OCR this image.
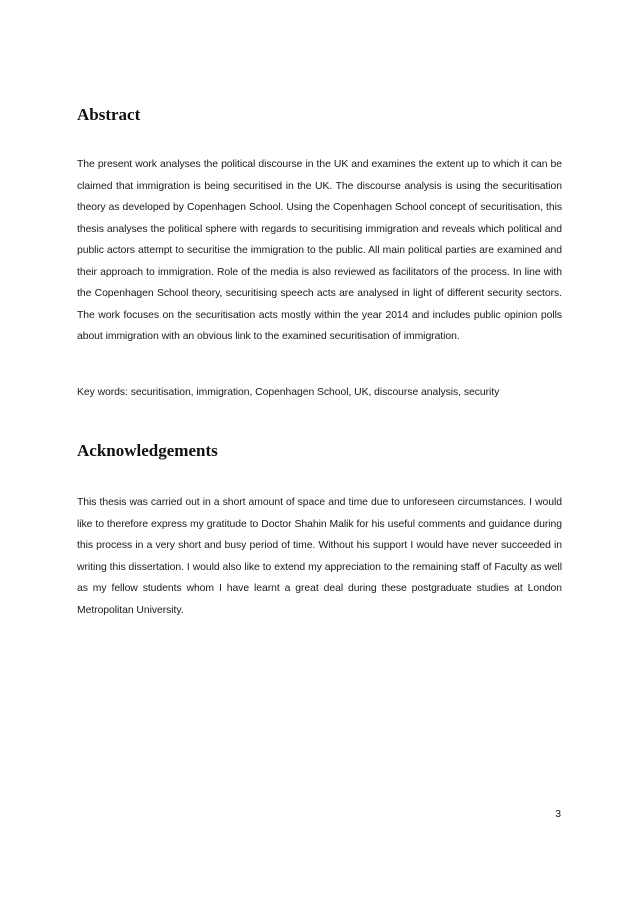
Abstract

The present work analyses the political discourse in the UK and examines the extent up to which it can be claimed that immigration is being securitised in the UK. The discourse analysis is using the securitisation theory as developed by Copenhagen School. Using the Copenhagen School concept of securitisation, this thesis analyses the political sphere with regards to securitising immigration and reveals which political and public actors attempt to securitise the immigration to the public. All main political parties are examined and their approach to immigration. Role of the media is also reviewed as facilitators of the process. In line with the Copenhagen School theory, securitising speech acts are analysed in light of different security sectors. The work focuses on the securitisation acts mostly within the year 2014 and includes public opinion polls about immigration with an obvious link to the examined securitisation of immigration.

Key words: securitisation, immigration, Copenhagen School, UK, discourse analysis, security

Acknowledgements

This thesis was carried out in a short amount of space and time due to unforeseen circumstances. I would like to therefore express my gratitude to Doctor Shahin Malik for his useful comments and guidance during this process in a very short and busy period of time. Without his support I would have never succeeded in writing this dissertation. I would also like to extend my appreciation to the remaining staff of Faculty as well as my fellow students whom I have learnt a great deal during these postgraduate studies at London Metropolitan University.

3
